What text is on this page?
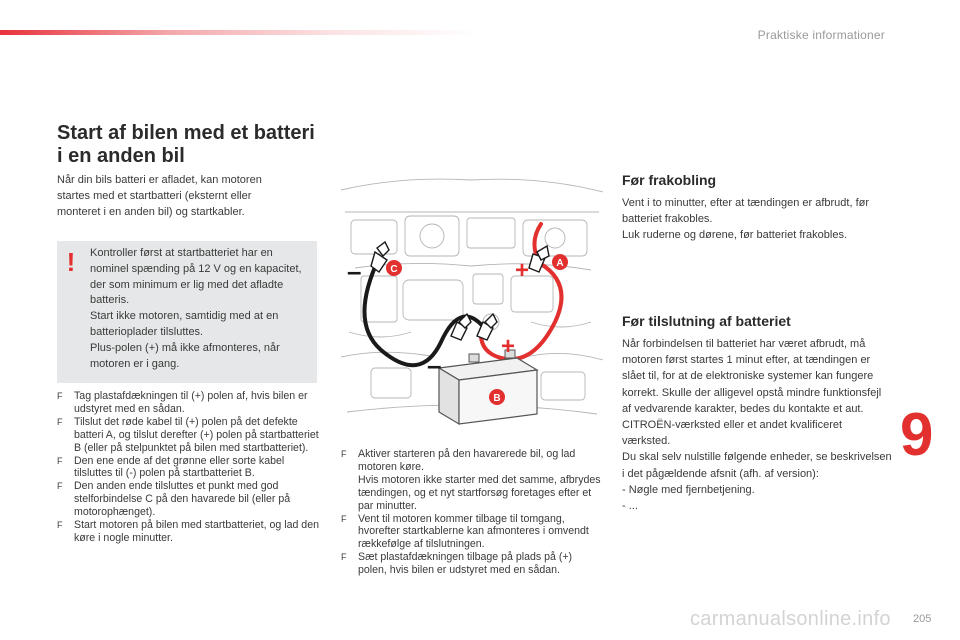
Praktiske informationer
Start af bilen med et batteri
i en anden bil

Når din bils batteri er afladet, kan motoren startes med et startbatteri (eksternt eller monteret i en anden bil) og startkabler.

! Kontroller først at startbatteriet har en nominel spænding på 12 V og en kapacitet, der som minimum er lig med det afladte batteris.

Start ikke motoren, samtidig med at en batterioplader tilsluttes.

Plus-polen (+) må ikke afmonteres, når motoren er i gang.

F Tag plastafdækningen til (+) polen af, hvis bilen er udstyret med en sådan.
F Tilslut det røde kabel til (+) polen på det defekte batteri A, og tilslut derefter (+) polen på startbatteriet B (eller på stelpunktet på bilen med startbatteriet).
F Den ene ende af det grønne eller sorte kabel tilsluttes til (-) polen på startbatteriet B.
F Den anden ende tilsluttes et punkt med god stelforbindelse C på den havarede bil (eller på motorophænget).
F Start motoren på bilen med startbatteriet, og lad den køre i nogle minutter.
–	+
–
+
C
A
B
F Aktiver starteren på den havarerede bil, og lad motoren køre.
Hvis motoren ikke starter med det samme, afbrydes tændingen, og et nyt startforsøg foretages efter et par minutter.
F Vent til motoren kommer tilbage til tomgang, hvorefter startkablerne kan afmonteres i omvendt rækkefølge af tilslutningen.
F Sæt plastafdækningen tilbage på plads på (+) polen, hvis bilen er udstyret med en sådan.
Før frakobling

Vent i to minutter, efter at tændingen er afbrudt, før batteriet frakobles.
Luk ruderne og dørene, før batteriet frakobles.

Før tilslutning af batteriet

Når forbindelsen til batteriet har været afbrudt, må motoren først startes 1 minut efter, at tændingen er slået til, for at de elektroniske systemer kan fungere korrekt. Skulle der alligevel opstå mindre funktionsfejl af vedvarende karakter, bedes du kontakte et aut. CITROËN-værksted eller et andet kvalificeret værksted.
Du skal selv nulstille følgende enheder, se beskrivelsen i det pågældende afsnit (afh. af version):
- Nøgle med fjernbetjening.
- ...

9
carmanualsonline.info 205
